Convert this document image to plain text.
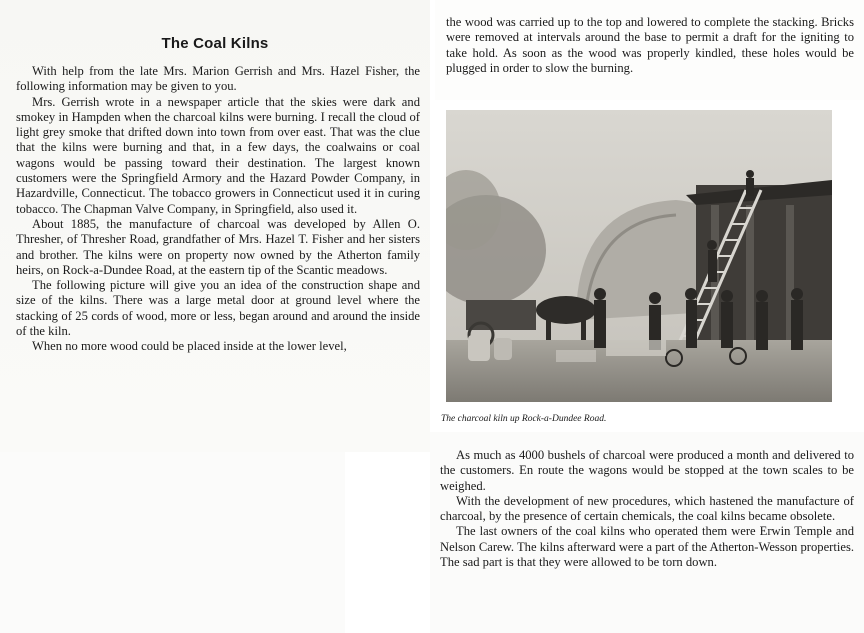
The Coal Kilns

With help from the late Mrs. Marion Gerrish and Mrs. Hazel Fisher, the following information may be given to you.

Mrs. Gerrish wrote in a newspaper article that the skies were dark and smokey in Hampden when the charcoal kilns were burning. I recall the cloud of light grey smoke that drifted down into town from over east. That was the clue that the kilns were burning and that, in a few days, the coalwains or coal wagons would be passing toward their destination. The largest known customers were the Springfield Armory and the Hazard Powder Company, in Hazardville, Connecticut. The tobacco growers in Connecticut used it in curing tobacco. The Chapman Valve Company, in Springfield, also used it.

About 1885, the manufacture of charcoal was developed by Allen O. Thresher, of Thresher Road, grandfather of Mrs. Hazel T. Fisher and her sisters and brother. The kilns were on property now owned by the Atherton family heirs, on Rock-a-Dundee Road, at the eastern tip of the Scantic meadows.

The following picture will give you an idea of the construction shape and size of the kilns. There was a large metal door at ground level where the stacking of 25 cords of wood, more or less, began around and around the inside of the kiln.

When no more wood could be placed inside at the lower level,

the wood was carried up to the top and lowered to complete the stacking. Bricks were removed at intervals around the base to permit a draft for the igniting to take hold. As soon as the wood was properly kindled, these holes would be plugged in order to slow the burning.

The charcoal kiln up Rock-a-Dundee Road.

As much as 4000 bushels of charcoal were produced a month and delivered to the customers. En route the wagons would be stopped at the town scales to be weighed.

With the development of new procedures, which hastened the manufacture of charcoal, by the presence of certain chemicals, the coal kilns became obsolete.

The last owners of the coal kilns who operated them were Erwin Temple and Nelson Carew. The kilns afterward were a part of the Atherton-Wesson properties. The sad part is that they were allowed to be torn down.
